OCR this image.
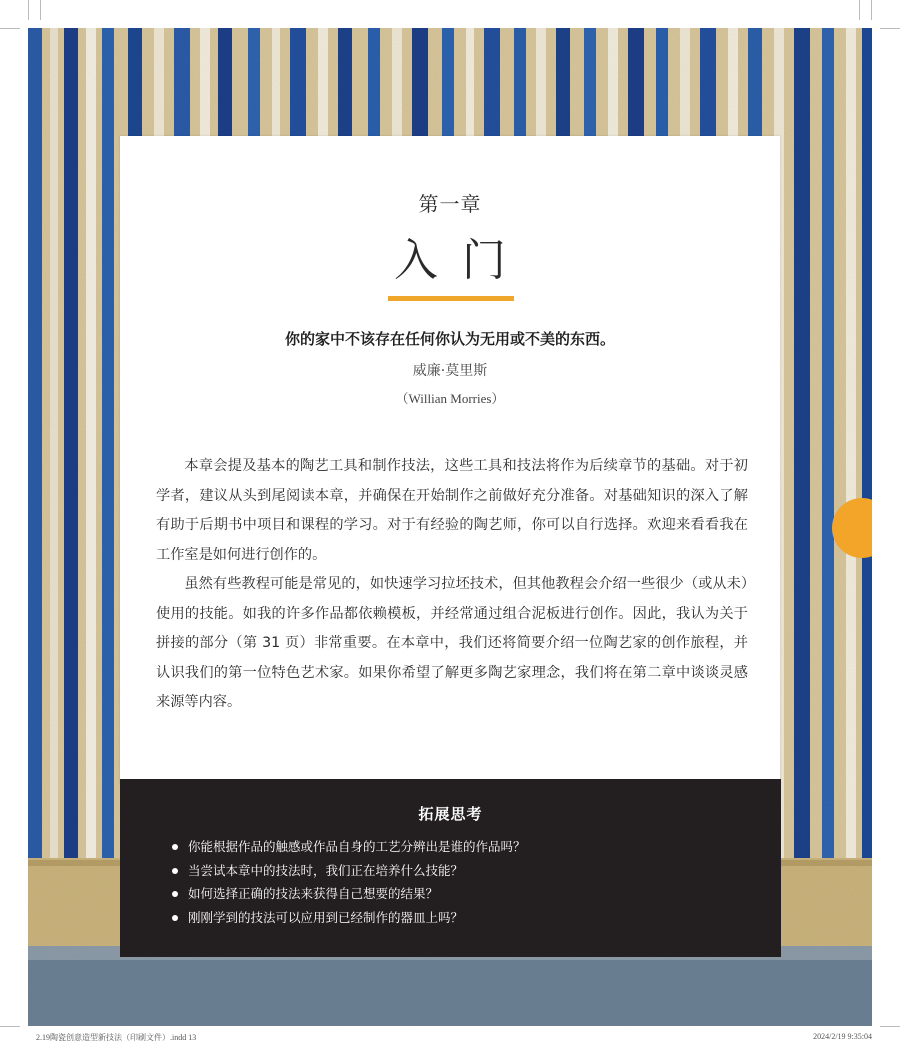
第一章
入门
你的家中不该存在任何你认为无用或不美的东西。
威廉·莫里斯
（Willian Morries）

本章会提及基本的陶艺工具和制作技法，这些工具和技法将作为后续章节的基础。对于初学者，建议从头到尾阅读本章，并确保在开始制作之前做好充分准备。对基础知识的深入了解有助于后期书中项目和课程的学习。对于有经验的陶艺师，你可以自行选择。欢迎来看看我在工作室是如何进行创作的。

虽然有些教程可能是常见的，如快速学习拉坯技术，但其他教程会介绍一些很少（或从未）使用的技能。如我的许多作品都依赖模板，并经常通过组合泥板进行创作。因此，我认为关于拼接的部分（第 31 页）非常重要。在本章中，我们还将简要介绍一位陶艺家的创作旅程，并认识我们的第一位特色艺术家。如果你希望了解更多陶艺家理念，我们将在第二章中谈谈灵感来源等内容。

拓展思考
你能根据作品的触感或作品自身的工艺分辨出是谁的作品吗？
当尝试本章中的技法时，我们正在培养什么技能？
如何选择正确的技法来获得自己想要的结果？
刚刚学到的技法可以应用到已经制作的器皿上吗？
2.19陶瓷创意造型新技法（印刷文件）.indd 13	2024/2/19 9:35:04
